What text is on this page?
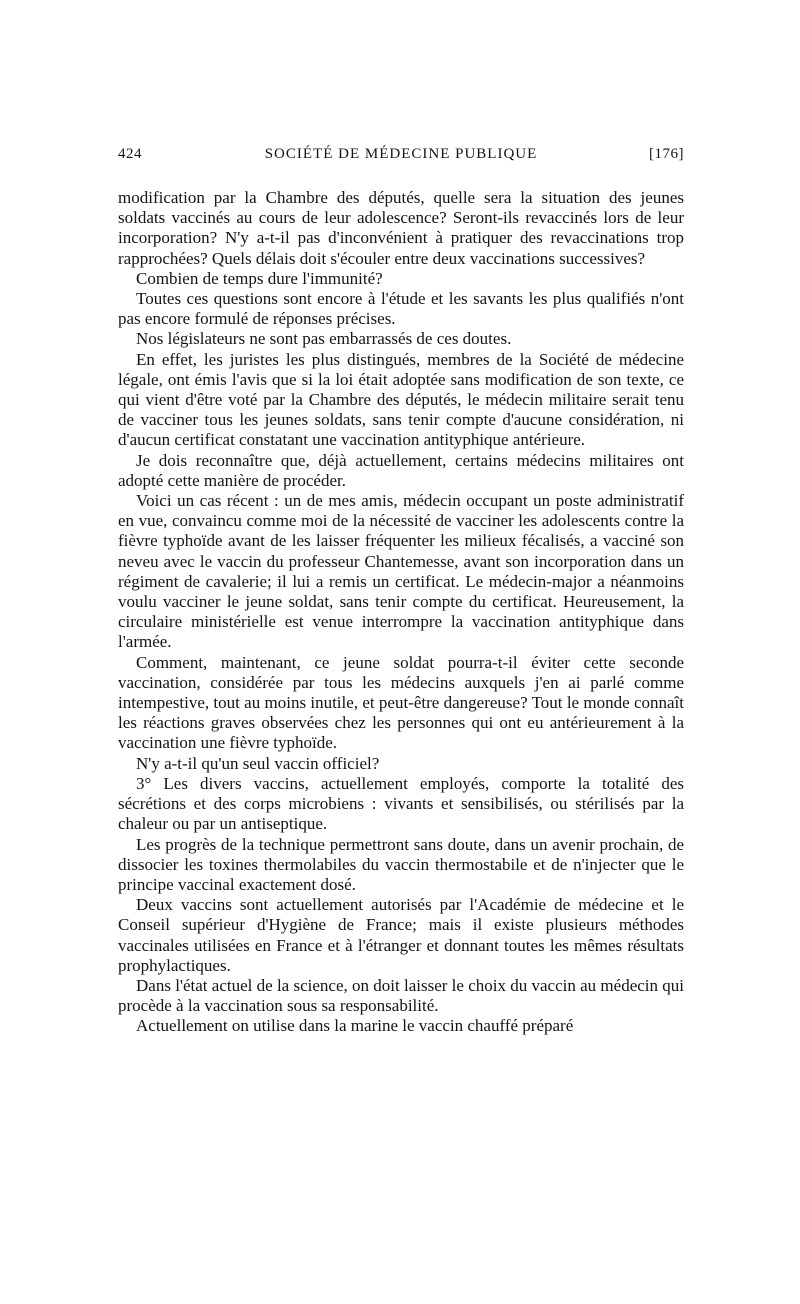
424	SOCIÉTÉ DE MÉDECINE PUBLIQUE	[176]

modification par la Chambre des députés, quelle sera la situation des jeunes soldats vaccinés au cours de leur adolescence? Seront-ils revaccinés lors de leur incorporation? N'y a-t-il pas d'inconvénient à pratiquer des revaccinations trop rapprochées? Quels délais doit s'écouler entre deux vaccinations successives?

Combien de temps dure l'immunité?

Toutes ces questions sont encore à l'étude et les savants les plus qualifiés n'ont pas encore formulé de réponses précises.

Nos législateurs ne sont pas embarrassés de ces doutes.

En effet, les juristes les plus distingués, membres de la Société de médecine légale, ont émis l'avis que si la loi était adoptée sans modification de son texte, ce qui vient d'être voté par la Chambre des députés, le médecin militaire serait tenu de vacciner tous les jeunes soldats, sans tenir compte d'aucune considération, ni d'aucun certificat constatant une vaccination antityphique antérieure.

Je dois reconnaître que, déjà actuellement, certains médecins militaires ont adopté cette manière de procéder.

Voici un cas récent : un de mes amis, médecin occupant un poste administratif en vue, convaincu comme moi de la nécessité de vacciner les adolescents contre la fièvre typhoïde avant de les laisser fréquenter les milieux fécalisés, a vacciné son neveu avec le vaccin du professeur Chantemesse, avant son incorporation dans un régiment de cavalerie; il lui a remis un certificat. Le médecin-major a néanmoins voulu vacciner le jeune soldat, sans tenir compte du certificat. Heureusement, la circulaire ministérielle est venue interrompre la vaccination antityphique dans l'armée.

Comment, maintenant, ce jeune soldat pourra-t-il éviter cette seconde vaccination, considérée par tous les médecins auxquels j'en ai parlé comme intempestive, tout au moins inutile, et peut-être dangereuse? Tout le monde connaît les réactions graves observées chez les personnes qui ont eu antérieurement à la vaccination une fièvre typhoïde.

N'y a-t-il qu'un seul vaccin officiel?

3° Les divers vaccins, actuellement employés, comporte la totalité des sécrétions et des corps microbiens : vivants et sensibilisés, ou stérilisés par la chaleur ou par un antiseptique.

Les progrès de la technique permettront sans doute, dans un avenir prochain, de dissocier les toxines thermolabiles du vaccin thermostabile et de n'injecter que le principe vaccinal exactement dosé.

Deux vaccins sont actuellement autorisés par l'Académie de médecine et le Conseil supérieur d'Hygiène de France; mais il existe plusieurs méthodes vaccinales utilisées en France et à l'étranger et donnant toutes les mêmes résultats prophylactiques.

Dans l'état actuel de la science, on doit laisser le choix du vaccin au médecin qui procède à la vaccination sous sa responsabilité.

Actuellement on utilise dans la marine le vaccin chauffé préparé
